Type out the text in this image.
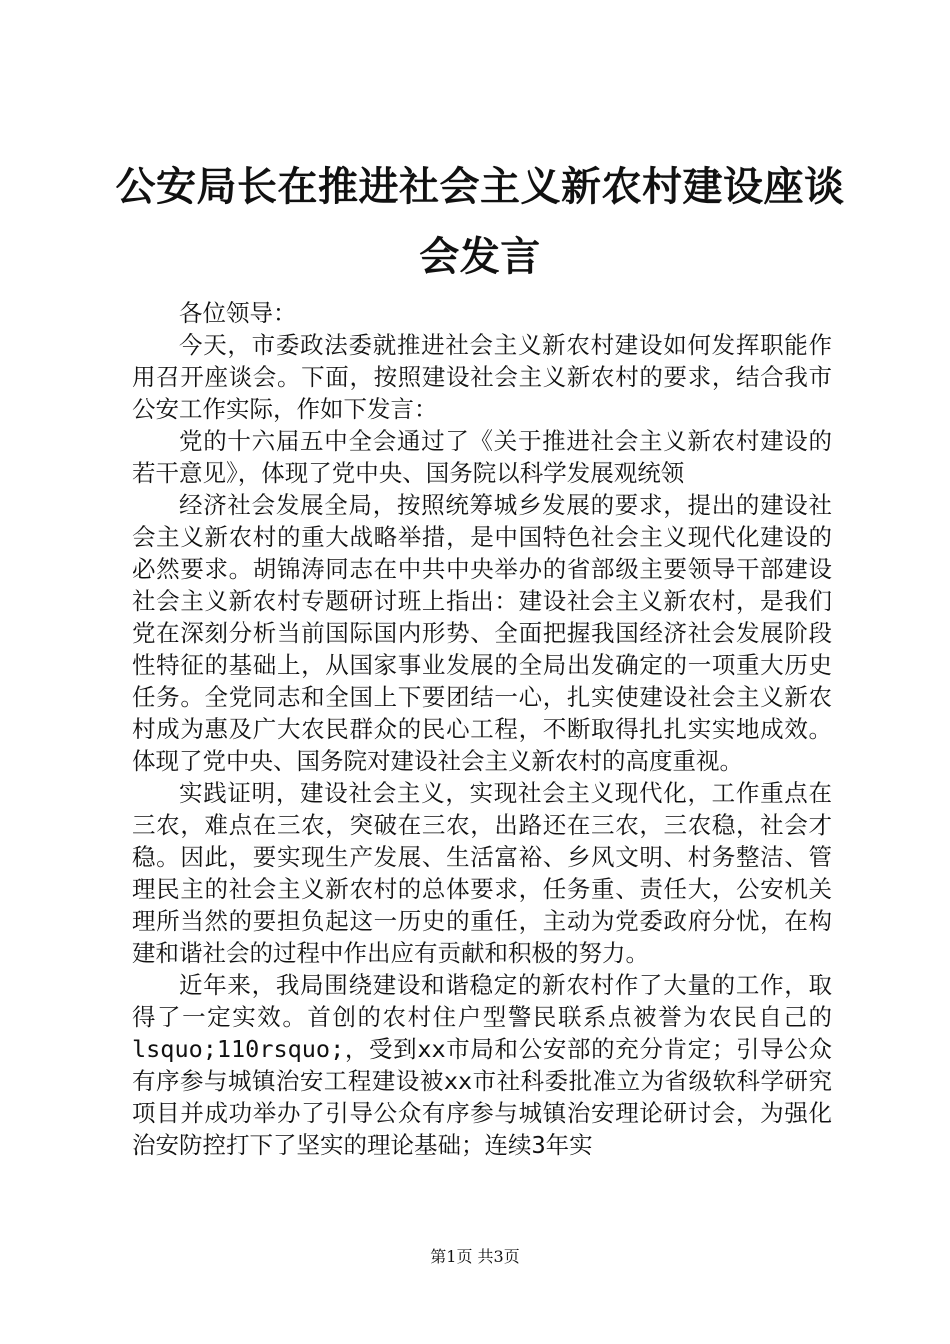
公安局长在推进社会主义新农村建设座谈会发言

各位领导：

今天，市委政法委就推进社会主义新农村建设如何发挥职能作用召开座谈会。下面，按照建设社会主义新农村的要求，结合我市公安工作实际，作如下发言：

党的十六届五中全会通过了《关于推进社会主义新农村建设的若干意见》，体现了党中央、国务院以科学发展观统领

经济社会发展全局，按照统筹城乡发展的要求，提出的建设社会主义新农村的重大战略举措，是中国特色社会主义现代化建设的必然要求。胡锦涛同志在中共中央举办的省部级主要领导干部建设社会主义新农村专题研讨班上指出：建设社会主义新农村，是我们党在深刻分析当前国际国内形势、全面把握我国经济社会发展阶段性特征的基础上，从国家事业发展的全局出发确定的一项重大历史任务。全党同志和全国上下要团结一心，扎实使建设社会主义新农村成为惠及广大农民群众的民心工程，不断取得扎扎实实地成效。体现了党中央、国务院对建设社会主义新农村的高度重视。

实践证明，建设社会主义，实现社会主义现代化，工作重点在三农，难点在三农，突破在三农，出路还在三农，三农稳，社会才稳。因此，要实现生产发展、生活富裕、乡风文明、村务整洁、管理民主的社会主义新农村的总体要求，任务重、责任大，公安机关理所当然的要担负起这一历史的重任，主动为党委政府分忧，在构建和谐社会的过程中作出应有贡献和积极的努力。

近年来，我局围绕建设和谐稳定的新农村作了大量的工作，取得了一定实效。首创的农村住户型警民联系点被誉为农民自己的lsquo;110rsquo;，受到xx市局和公安部的充分肯定；引导公众有序参与城镇治安工程建设被xx市社科委批准立为省级软科学研究项目并成功举办了引导公众有序参与城镇治安理论研讨会，为强化治安防控打下了坚实的理论基础；连续3年实

第1页 共3页
